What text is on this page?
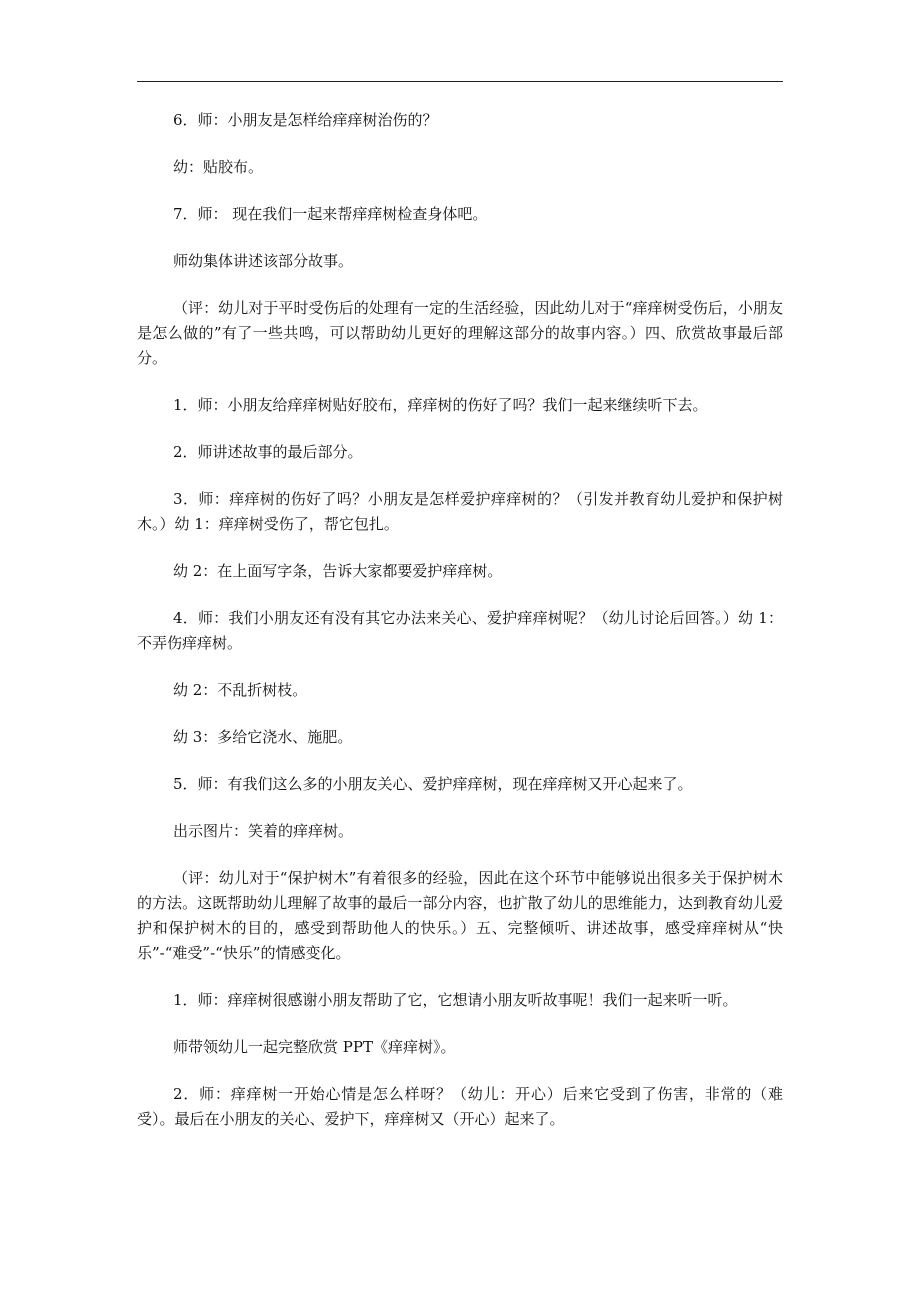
6．师：小朋友是怎样给痒痒树治伤的？

幼：贴胶布。

7．师： 现在我们一起来帮痒痒树检查身体吧。

师幼集体讲述该部分故事。

（评：幼儿对于平时受伤后的处理有一定的生活经验，因此幼儿对于“痒痒树受伤后，小朋友是怎么做的”有了一些共鸣，可以帮助幼儿更好的理解这部分的故事内容。）四、欣赏故事最后部分。

1．师：小朋友给痒痒树贴好胶布，痒痒树的伤好了吗？我们一起来继续听下去。

2．师讲述故事的最后部分。

3．师：痒痒树的伤好了吗？小朋友是怎样爱护痒痒树的？（引发并教育幼儿爱护和保护树木。）幼 1：痒痒树受伤了，帮它包扎。

幼 2：在上面写字条，告诉大家都要爱护痒痒树。

4．师：我们小朋友还有没有其它办法来关心、爱护痒痒树呢？（幼儿讨论后回答。）幼 1：不弄伤痒痒树。

幼 2：不乱折树枝。

幼 3：多给它浇水、施肥。

5．师：有我们这么多的小朋友关心、爱护痒痒树，现在痒痒树又开心起来了。

出示图片：笑着的痒痒树。

（评：幼儿对于“保护树木”有着很多的经验，因此在这个环节中能够说出很多关于保护树木的方法。这既帮助幼儿理解了故事的最后一部分内容，也扩散了幼儿的思维能力，达到教育幼儿爱护和保护树木的目的，感受到帮助他人的快乐。）五、完整倾听、讲述故事，感受痒痒树从“快乐”-“难受”-“快乐”的情感变化。

1．师：痒痒树很感谢小朋友帮助了它，它想请小朋友听故事呢！我们一起来听一听。

师带领幼儿一起完整欣赏 PPT《痒痒树》。

2．师：痒痒树一开始心情是怎么样呀？（幼儿：开心）后来它受到了伤害，非常的（难受）。最后在小朋友的关心、爱护下，痒痒树又（开心）起来了。
